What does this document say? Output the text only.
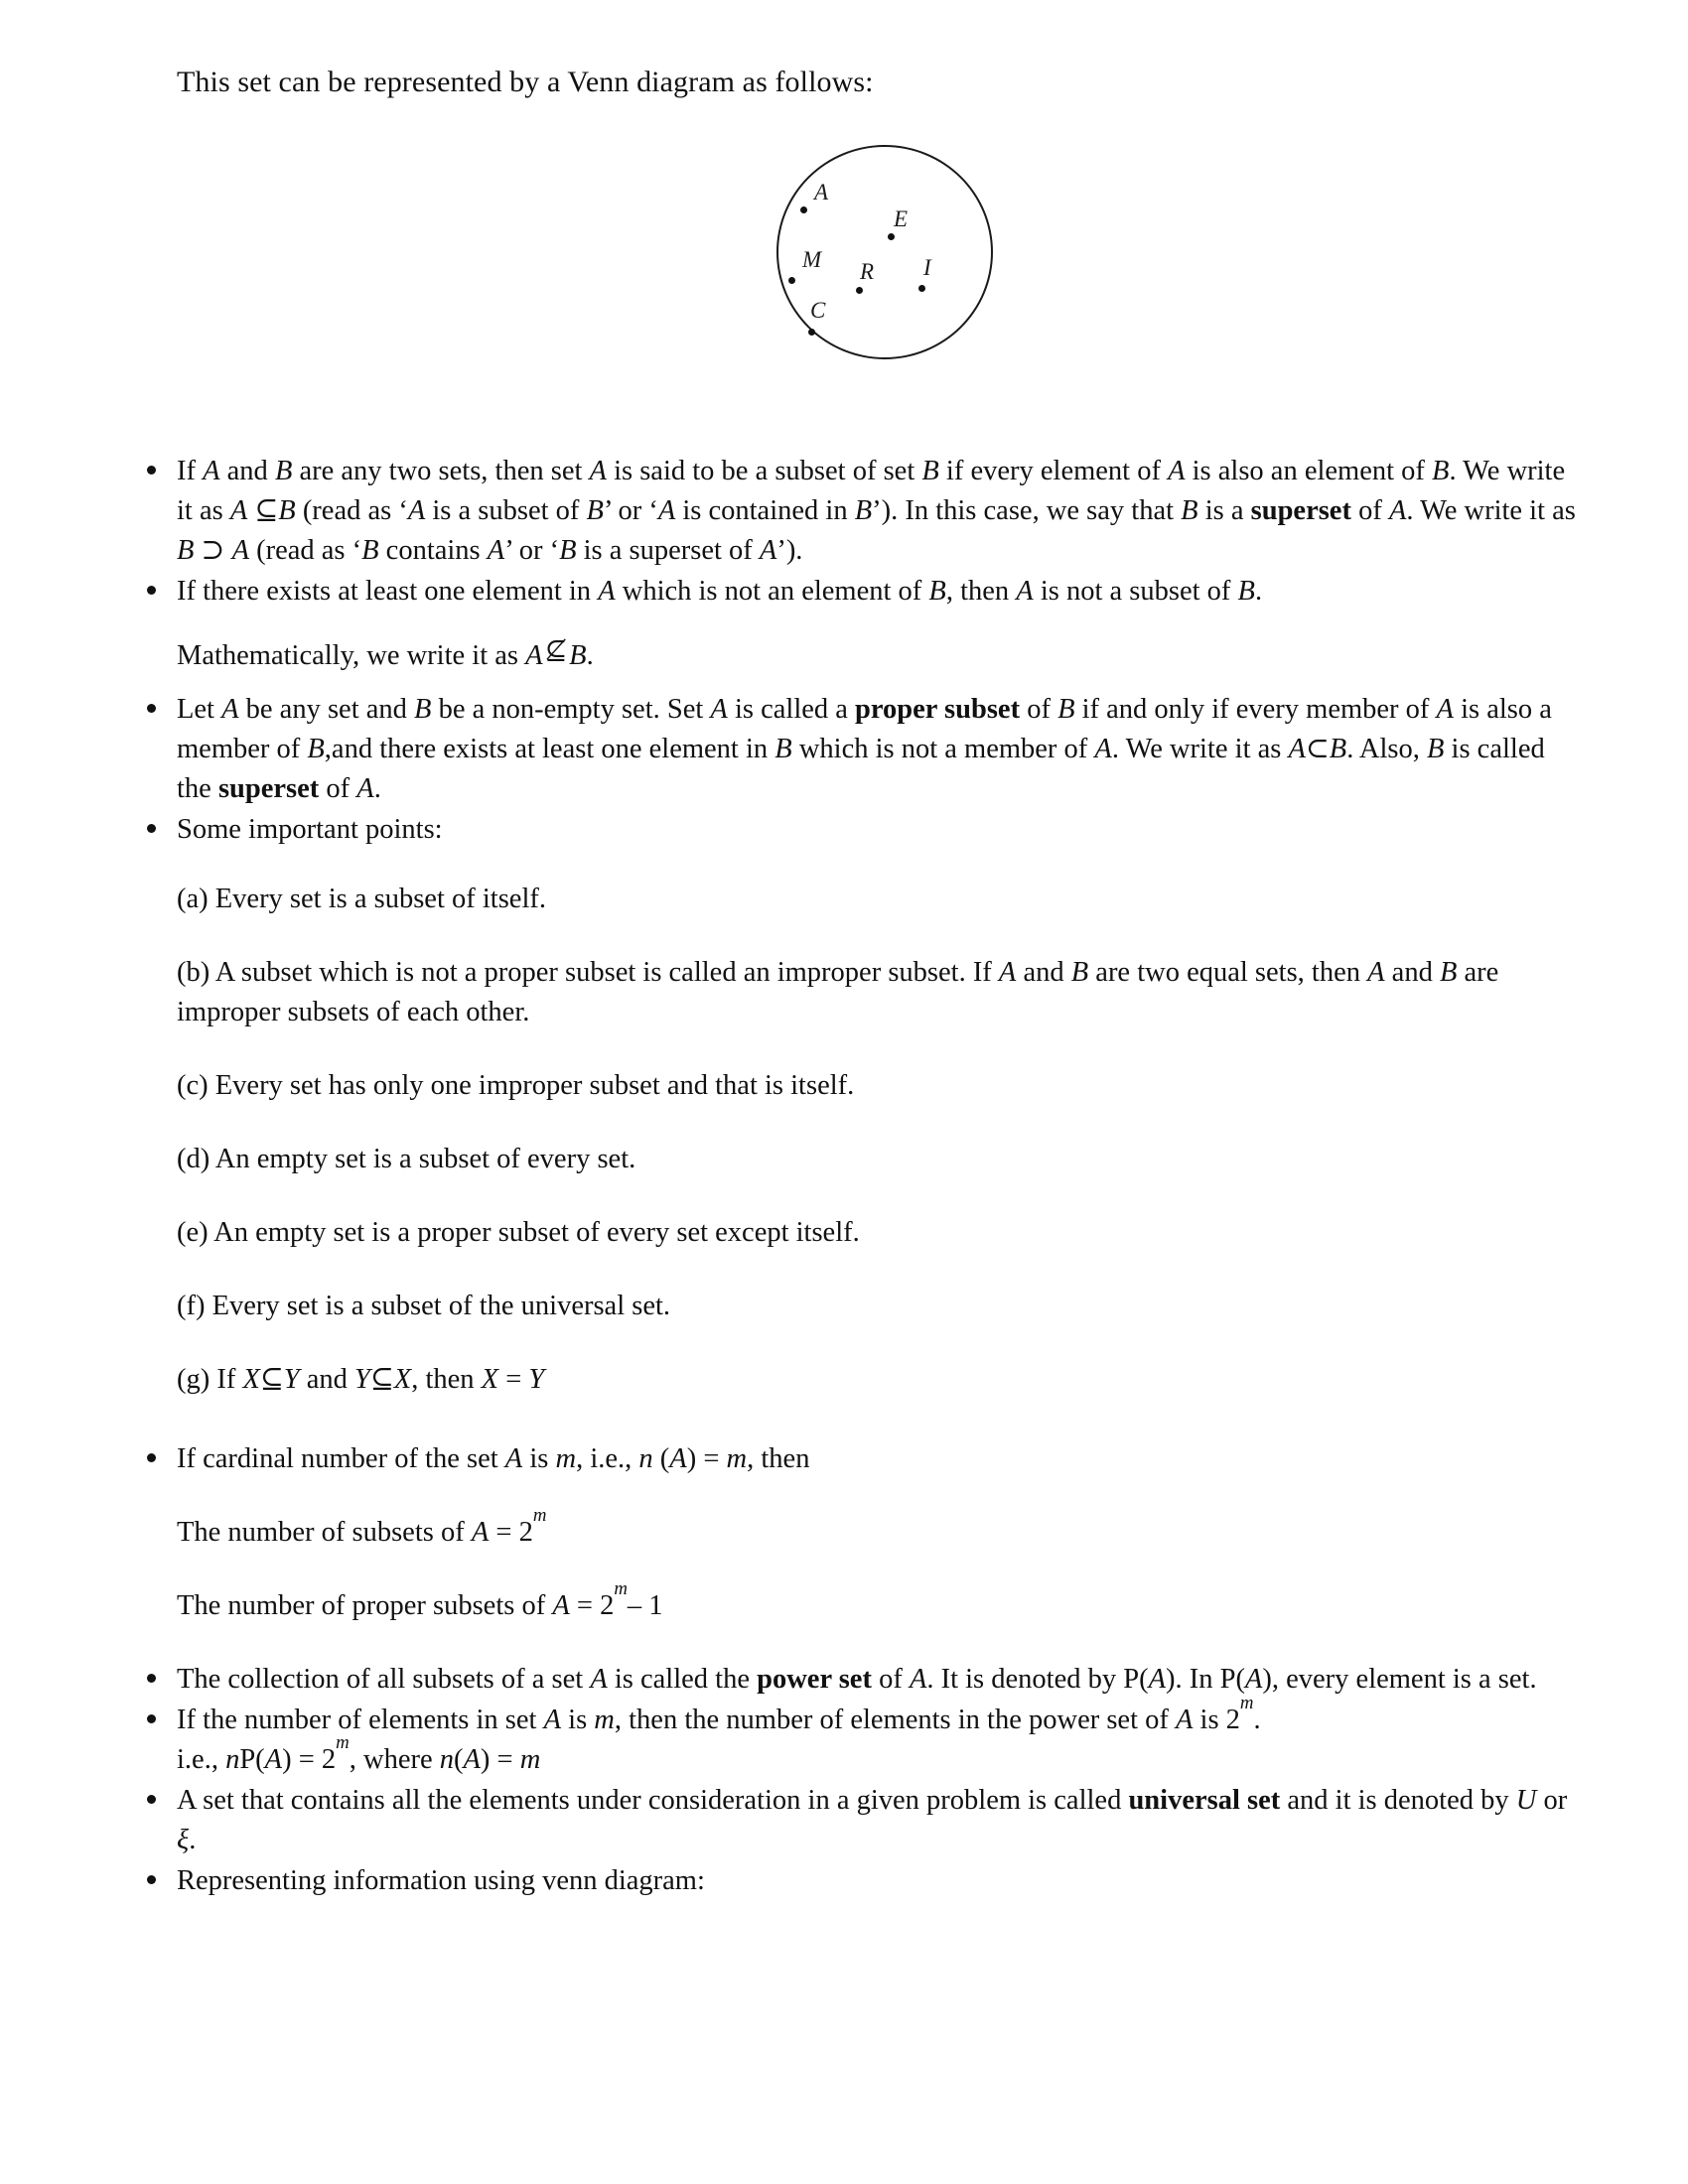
This set can be represented by a Venn diagram as follows:
A
E
M R I
C

If A and B are any two sets, then set A is said to be a subset of set B if every element of A is also an element of B. We write it as A ⊆B (read as ‘A is a subset of B’ or ‘A is contained in B’). In this case, we say that B is a superset of A. We write it as B ⊃ A (read as ‘B contains A’ or ‘B is a superset of A’).

If there exists at least one element in A which is not an element of B, then A is not a subset of B.

Mathematically, we write it as A⊈B.

Let A be any set and B be a non-empty set. Set A is called a proper subset of B if and only if every member of A is also a member of B,and there exists at least one element in B which is not a member of A. We write it as A⊂B. Also, B is called the superset of A.

Some important points:

(a) Every set is a subset of itself.
(b) A subset which is not a proper subset is called an improper subset. If A and B are two equal sets, then A and B are improper subsets of each other.
(c) Every set has only one improper subset and that is itself.
(d) An empty set is a subset of every set.
(e) An empty set is a proper subset of every set except itself.
(f) Every set is a subset of the universal set.
(g) If X⊆Y and Y⊆X, then X = Y

If cardinal number of the set A is m, i.e., n (A) = m, then

The number of subsets of $A = 2^m$
The number of proper subsets of $A = 2^m-$ 1

The collection of all subsets of a set A is called the power set of A. It is denoted by P(A). In P(A), every element is a set.

If the number of elements in set A is m, then the number of elements in the power set of A is 2$^m$.

i.e., $nP(A) = 2^m$, where n(A) = m

A set that contains all the elements under consideration in a given problem is called universal set and it is denoted by U or ξ.

Representing information using venn diagram:
